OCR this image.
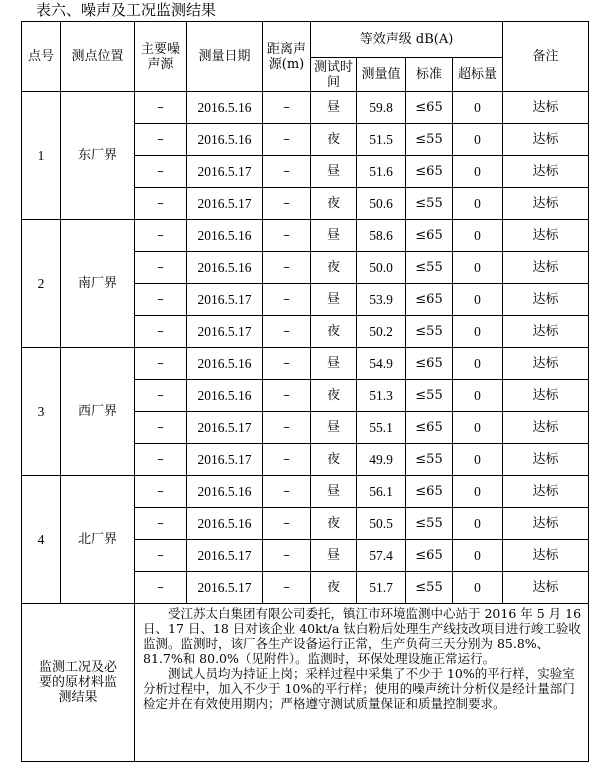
表六、噪声及工况监测结果
点号	测点位置	主要噪声源	测量日期	距离声源(m)	等效声级 dB(A)				备注
					测试时间	测量值	标准	超标量	
1	东厂界	–	2016.5.16	–	昼	59.8	≤65	0	达标
		–	2016.5.16	–	夜	51.5	≤55	0	达标
		–	2016.5.17	–	昼	51.6	≤65	0	达标
		–	2016.5.17	–	夜	50.6	≤55	0	达标
2	南厂界	–	2016.5.16	–	昼	58.6	≤65	0	达标
		–	2016.5.16	–	夜	50.0	≤55	0	达标
		–	2016.5.17	–	昼	53.9	≤65	0	达标
		–	2016.5.17	–	夜	50.2	≤55	0	达标
3	西厂界	–	2016.5.16	–	昼	54.9	≤65	0	达标
		–	2016.5.16	–	夜	51.3	≤55	0	达标
		–	2016.5.17	–	昼	55.1	≤65	0	达标
		–	2016.5.17	–	夜	49.9	≤55	0	达标
4	北厂界	–	2016.5.16	–	昼	56.1	≤65	0	达标
		–	2016.5.16	–	夜	50.5	≤55	0	达标
		–	2016.5.17	–	昼	57.4	≤65	0	达标
		–	2016.5.17	–	夜	51.7	≤55	0	达标
监测工况及必要的原材料监测结果		受江苏太白集团有限公司委托，镇江市环境监测中心站于 2016 年 5 月 16 日、17 日、18 日对该企业 40kt/a 钛白粉后处理生产线技改项目进行竣工验收监测。监测时，该厂各生产设备运行正常，生产负荷三天分别为 85.8%、81.7%和 80.0%（见附件）。监测时，环保处理设施正常运行。

测试人员均为持证上岗；采样过程中采集了不少于 10%的平行样，实验室分析过程中，加入不少于 10%的平行样；使用的噪声统计分析仪是经计量部门检定并在有效使用期内；严格遵守测试质量保证和质量控制要求。							
